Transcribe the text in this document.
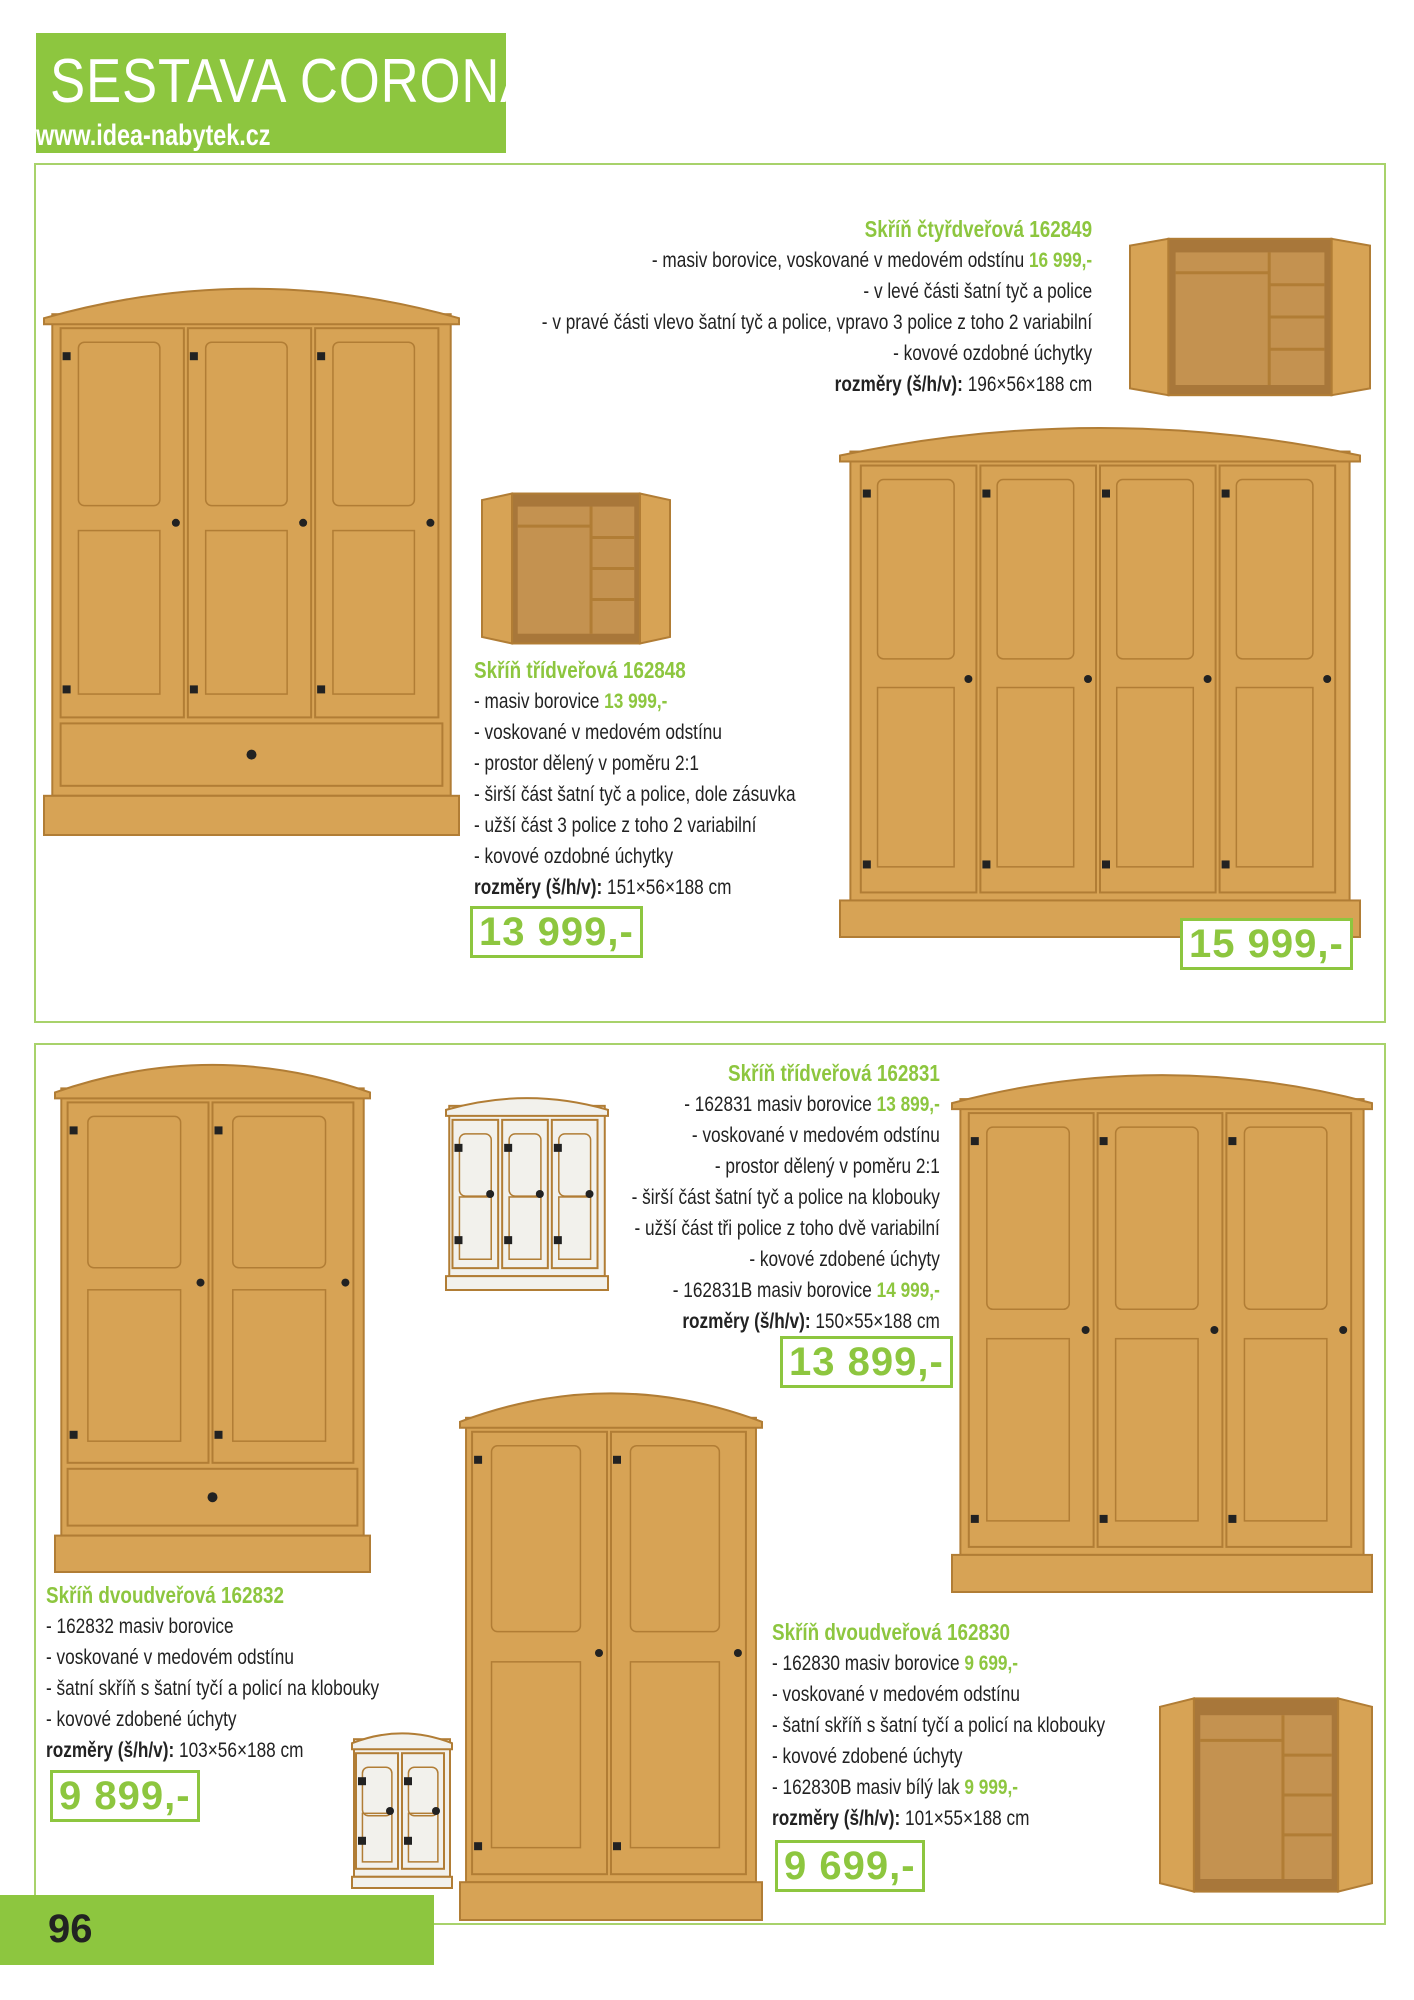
SESTAVA CORONA
www.idea-nabytek.cz
Skříň čtyřdveřová 162849
- masiv borovice, voskované v medovém odstínu 16 999,-
- v levé části šatní tyč a police
- v pravé části vlevo šatní tyč a police, vpravo 3 police z toho 2 variabilní
- kovové ozdobné úchytky
rozměry (š/h/v): 196×56×188 cm
15 999,-
Skříň třídveřová 162848
- masiv borovice 13 999,-
- voskované v medovém odstínu
- prostor dělený v poměru 2:1
- širší část šatní tyč a police, dole zásuvka
- užší část 3 police z toho 2 variabilní
- kovové ozdobné úchytky
rozměry (š/h/v): 151×56×188 cm
13 999,-
Skříň třídveřová 162831
- 162831 masiv borovice 13 899,-
- voskované v medovém odstínu
- prostor dělený v poměru 2:1
- širší část šatní tyč a police na klobouky
- užší část tři police z toho dvě variabilní
- kovové zdobené úchyty
- 162831B masiv borovice 14 999,-
rozměry (š/h/v): 150×55×188 cm
13 899,-
Skříň dvoudveřová 162832
- 162832 masiv borovice
- voskované v medovém odstínu
- šatní skříň s šatní tyčí a policí na klobouky
- kovové zdobené úchyty
rozměry (š/h/v): 103×56×188 cm
9 899,-
Skříň dvoudveřová 162830
- 162830 masiv borovice 9 699,-
- voskované v medovém odstínu
- šatní skříň s šatní tyčí a policí na klobouky
- kovové zdobené úchyty
- 162830B masiv bílý lak 9 999,-
rozměry (š/h/v): 101×55×188 cm
9 699,-
96
